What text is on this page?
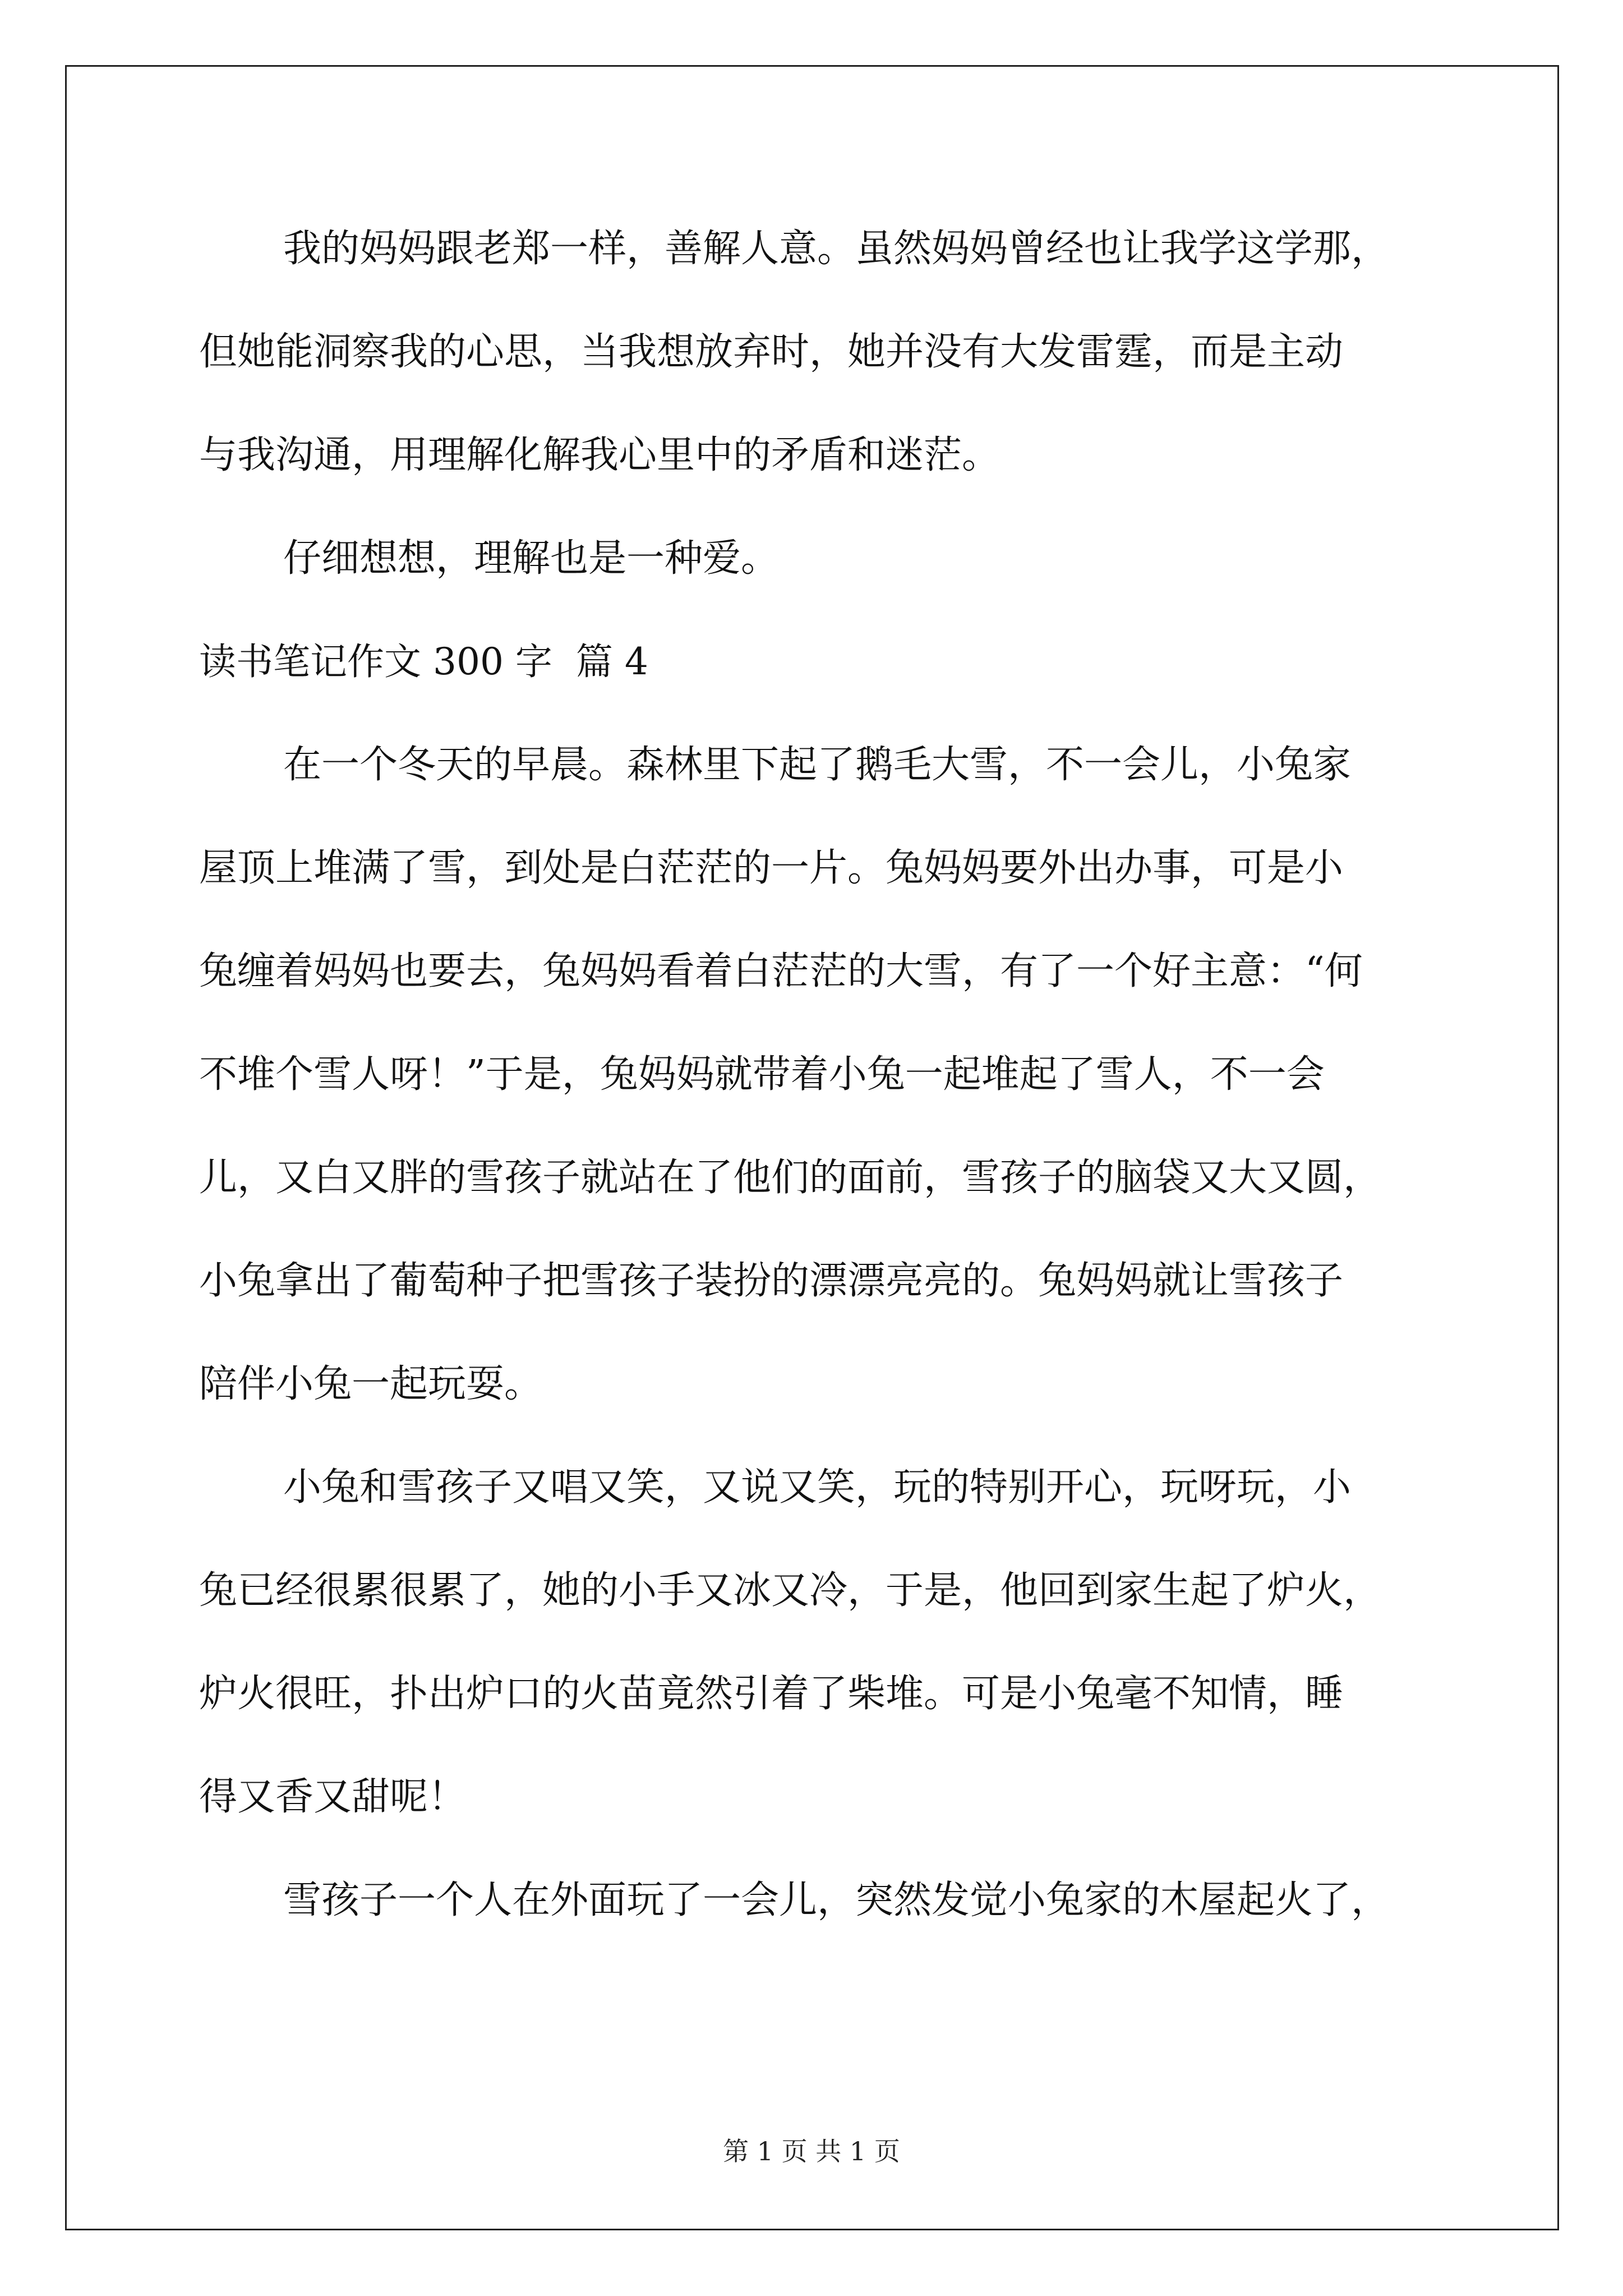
我的妈妈跟老郑一样，善解人意。虽然妈妈曾经也让我学这学那，

但她能洞察我的心思，当我想放弃时，她并没有大发雷霆，而是主动

与我沟通，用理解化解我心里中的矛盾和迷茫。

仔细想想，理解也是一种爱。

读书笔记作文 300 字  篇 4

在一个冬天的早晨。森林里下起了鹅毛大雪，不一会儿，小兔家

屋顶上堆满了雪，到处是白茫茫的一片。兔妈妈要外出办事，可是小

兔缠着妈妈也要去，兔妈妈看着白茫茫的大雪，有了一个好主意：“何

不堆个雪人呀！”于是，兔妈妈就带着小兔一起堆起了雪人，不一会

儿，又白又胖的雪孩子就站在了他们的面前，雪孩子的脑袋又大又圆，

小兔拿出了葡萄种子把雪孩子装扮的漂漂亮亮的。兔妈妈就让雪孩子

陪伴小兔一起玩耍。

小兔和雪孩子又唱又笑，又说又笑，玩的特别开心，玩呀玩，小

兔已经很累很累了，她的小手又冰又冷，于是，他回到家生起了炉火，

炉火很旺，扑出炉口的火苗竟然引着了柴堆。可是小兔毫不知情，睡

得又香又甜呢！

雪孩子一个人在外面玩了一会儿，突然发觉小兔家的木屋起火了，

第 1 页 共 1 页
